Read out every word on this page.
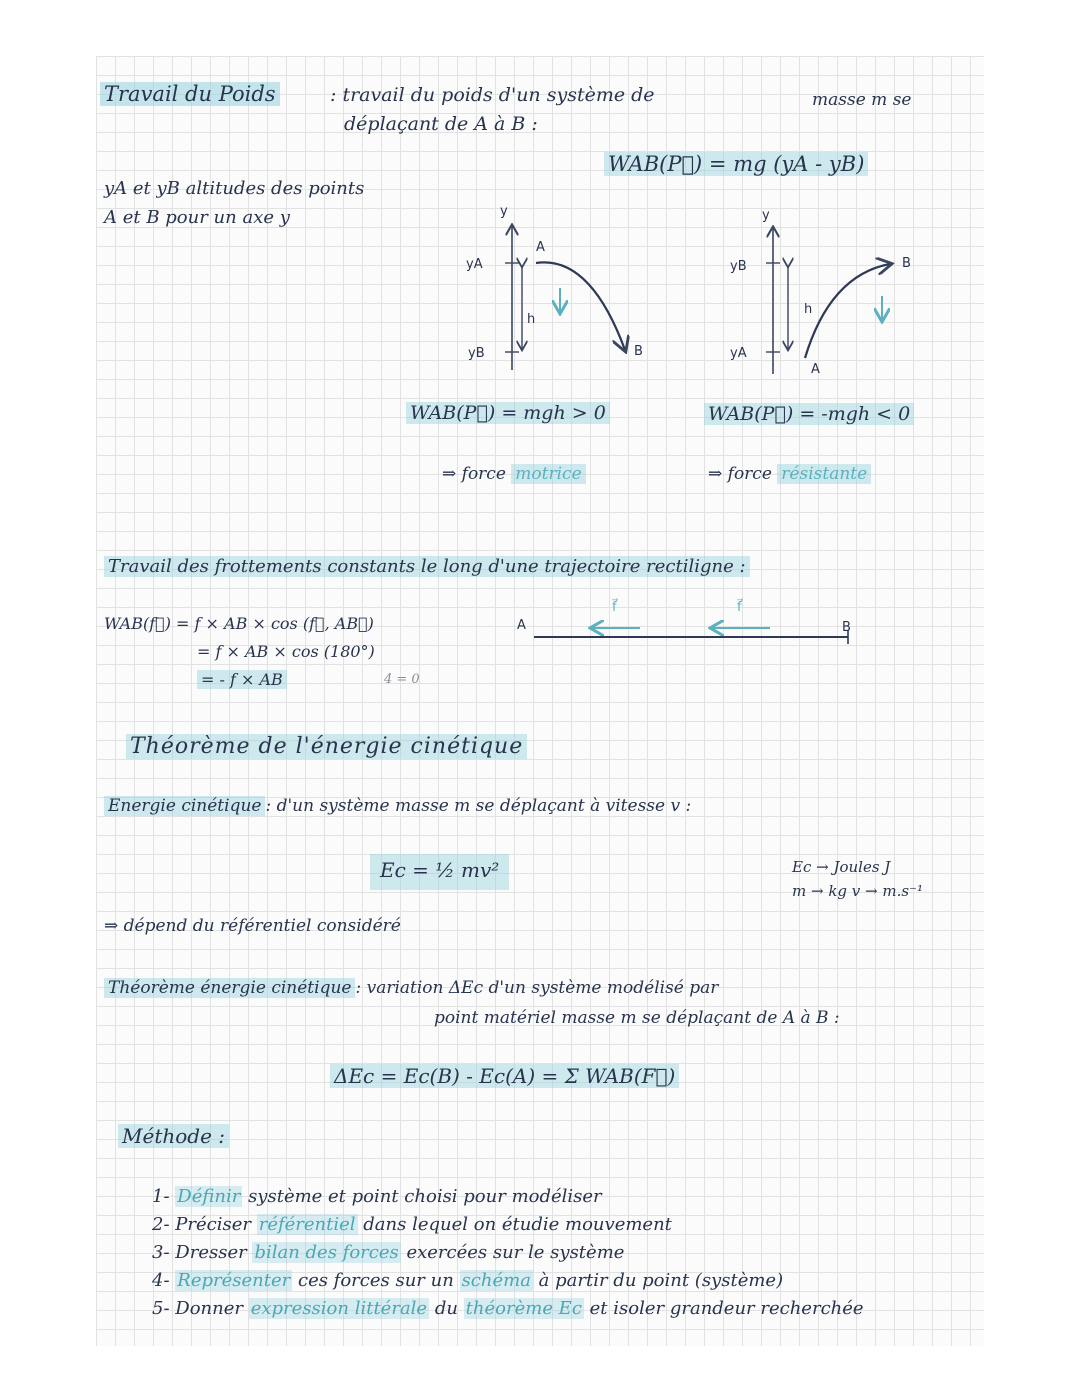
Travail du Poids	: travail du poids d'un système de	masse m se
déplaçant de A à B :
WAB(P⃗) = mg (yA - yB)
yA et yB altitudes des points
A et B pour un axe y	y
yA
yB
A
B
h
WAB(P⃗) = mgh > 0
⇒ force motrice
y
yB
yA
A
B
h
WAB(P⃗) = -mgh < 0
⇒ force résistante
Travail des frottements constants le long d'une trajectoire rectiligne :
WAB(f⃗) = f × AB × cos (f⃗, AB⃗)
= f × AB × cos (180°)
= - f × AB	4 = 0
A	B
f⃗	f⃗
Théorème de l'énergie cinétique
Energie cinétique : d'un système masse m se déplaçant à vitesse v :
Ec = ½ mv²	Ec → Joules J
m → kg v → m.s⁻¹
⇒ dépend du référentiel considéré
Théorème énergie cinétique : variation ΔEc d'un système modélisé par
point matériel masse m se déplaçant de A à B :
ΔEc = Ec(B) - Ec(A) = Σ WAB(F⃗)
Méthode :
1- Définir système et point choisi pour modéliser
2- Préciser référentiel dans lequel on étudie mouvement
3- Dresser bilan des forces exercées sur le système
4- Représenter ces forces sur un schéma à partir du point (système)
5- Donner expression littérale du théorème Ec et isoler grandeur recherchée
